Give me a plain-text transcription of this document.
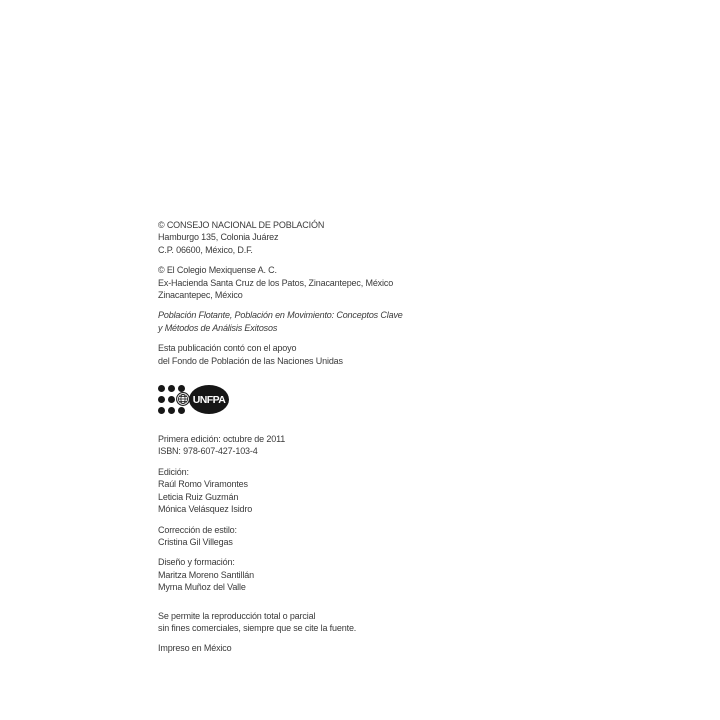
© CONSEJO NACIONAL DE POBLACIÓN
Hamburgo 135, Colonia Juárez
C.P. 06600, México, D.F.
© El Colegio Mexiquense A. C.
Ex-Hacienda Santa Cruz de los Patos, Zinacantepec, México
Zinacantepec, México
Población Flotante, Población en Movimiento: Conceptos Clave
y Métodos de Análisis Exitosos
Esta publicación contó con el apoyo
del Fondo de Población de las Naciones Unidas
UNFPA
Primera edición: octubre de 2011
ISBN: 978-607-427-103-4
Edición:
Raúl Romo Viramontes
Leticia Ruiz Guzmán
Mónica Velásquez Isidro
Corrección de estilo:
Cristina Gil Villegas
Diseño y formación:
Maritza Moreno Santillán
Myrna Muñoz del Valle
Se permite la reproducción total o parcial
sin fines comerciales, siempre que se cite la fuente.
Impreso en México
